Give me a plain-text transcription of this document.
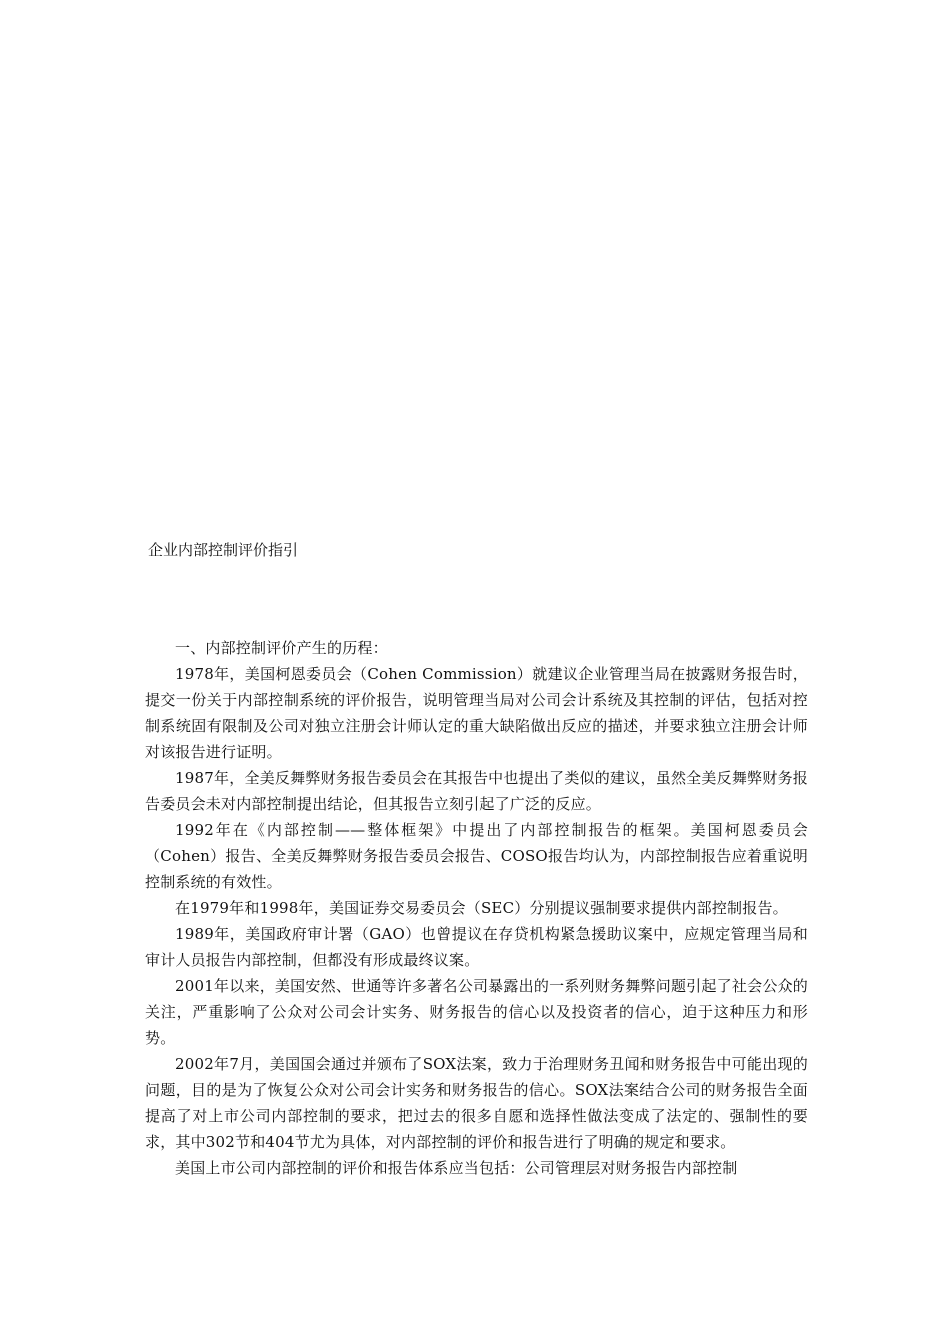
企业内部控制评价指引

一、内部控制评价产生的历程：

1978年，美国柯恩委员会（Cohen Commission）就建议企业管理当局在披露财务报告时，提交一份关于内部控制系统的评价报告，说明管理当局对公司会计系统及其控制的评估，包括对控制系统固有限制及公司对独立注册会计师认定的重大缺陷做出反应的描述，并要求独立注册会计师对该报告进行证明。

1987年，全美反舞弊财务报告委员会在其报告中也提出了类似的建议，虽然全美反舞弊财务报告委员会未对内部控制提出结论，但其报告立刻引起了广泛的反应。

1992年在《内部控制——整体框架》中提出了内部控制报告的框架。美国柯恩委员会（Cohen）报告、全美反舞弊财务报告委员会报告、COSO报告均认为，内部控制报告应着重说明控制系统的有效性。

在1979年和1998年，美国证券交易委员会（SEC）分别提议强制要求提供内部控制报告。

1989年，美国政府审计署（GAO）也曾提议在存贷机构紧急援助议案中，应规定管理当局和审计人员报告内部控制，但都没有形成最终议案。

2001年以来，美国安然、世通等许多著名公司暴露出的一系列财务舞弊问题引起了社会公众的关注，严重影响了公众对公司会计实务、财务报告的信心以及投资者的信心，迫于这种压力和形势。

2002年7月，美国国会通过并颁布了SOX法案，致力于治理财务丑闻和财务报告中可能出现的问题，目的是为了恢复公众对公司会计实务和财务报告的信心。SOX法案结合公司的财务报告全面提高了对上市公司内部控制的要求，把过去的很多自愿和选择性做法变成了法定的、强制性的要求，其中302节和404节尤为具体，对内部控制的评价和报告进行了明确的规定和要求。

美国上市公司内部控制的评价和报告体系应当包括：公司管理层对财务报告内部控制
